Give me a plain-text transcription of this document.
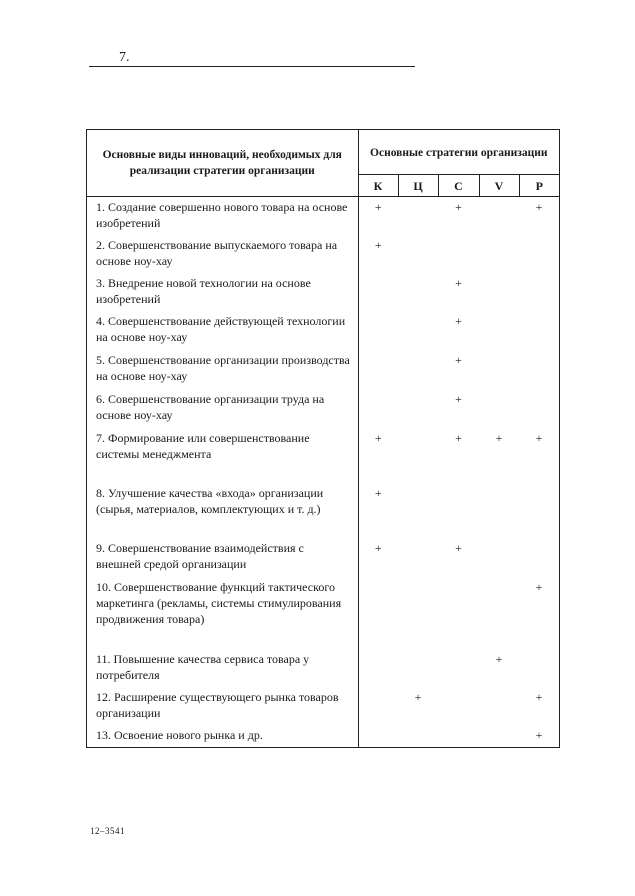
7.
Основные виды инноваций, необходимых для реализации стратегии организации	Основные стратегии организации				
	К	Ц	С	V	Р
1. Создание совершенно нового товара на основе изобретений	+		+		+
2. Совершенствование выпускаемого товара на основе ноу-хау	+				
3. Внедрение новой технологии на основе изобретений			+		
4. Совершенствование действующей технологии на основе ноу-хау			+		
5. Совершенствование организации производства на основе ноу-хау			+		
6. Совершенствование организации труда на основе ноу-хау			+		
7. Формирование или совершенствование системы менеджмента	+		+	+	+
8. Улучшение качества «входа» организации (сырья, материалов, комплектующих и т. д.)	+				
9. Совершенствование взаимодействия с внешней средой организации	+		+		
10. Совершенствование функций тактического маркетинга (рекламы, системы стимулирования продвижения товара)					+
11. Повышение качества сервиса товара у потребителя				+	
12. Расширение существующего рынка товаров организации		+			+
13. Освоение нового рынка и др.					+
12–3541
